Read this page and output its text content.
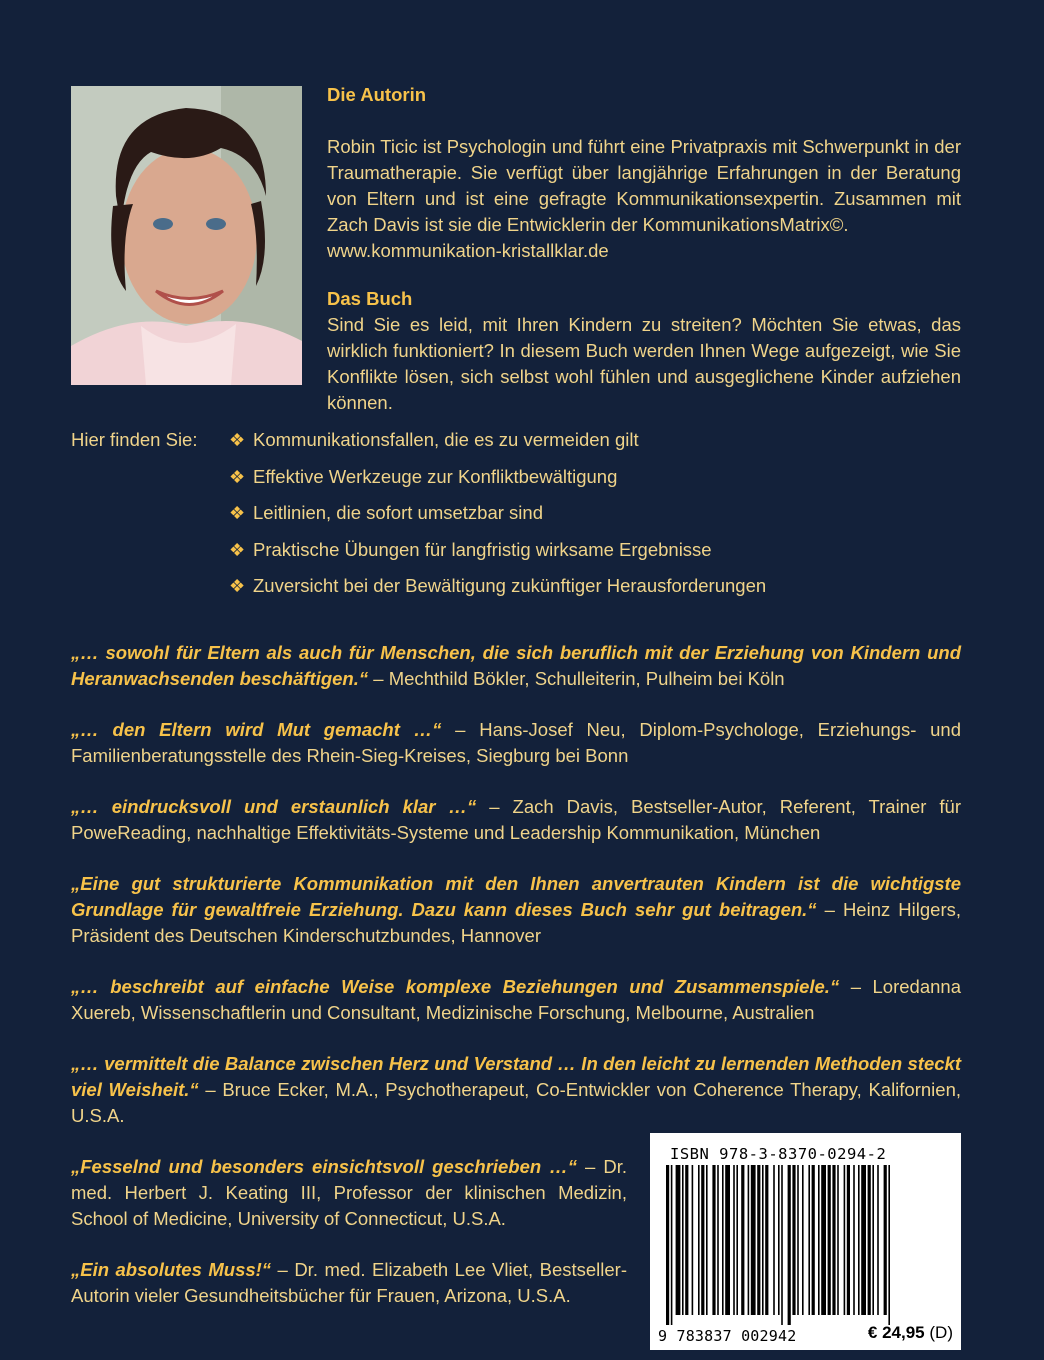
Die Autorin

Robin Ticic ist Psychologin und führt eine Privatpraxis mit Schwerpunkt in der Traumatherapie. Sie verfügt über langjährige Erfahrungen in der Beratung von Eltern und ist eine gefragte Kommunikationsexpertin. Zusammen mit Zach Davis ist sie die Entwicklerin der KommunikationsMatrix©.

www.kommunikation-kristallklar.de

Das Buch

Sind Sie es leid, mit Ihren Kindern zu streiten? Möchten Sie etwas, das wirklich funktioniert? In diesem Buch werden Ihnen Wege aufgezeigt, wie Sie Konflikte lösen, sich selbst wohl fühlen und ausgeglichene Kinder aufziehen können.

Hier finden Sie: ❖ Kommunikationsfallen, die es zu vermeiden gilt
❖ Effektive Werkzeuge zur Konfliktbewältigung
❖ Leitlinien, die sofort umsetzbar sind
❖ Praktische Übungen für langfristig wirksame Ergebnisse
❖ Zuversicht bei der Bewältigung zukünftiger Herausforderungen

„… sowohl für Eltern als auch für Menschen, die sich beruflich mit der Erziehung von Kindern und Heranwachsenden beschäftigen.“ – Mechthild Bökler, Schulleiterin, Pulheim bei Köln

„… den Eltern wird Mut gemacht …“ – Hans-Josef Neu, Diplom-Psychologe, Erziehungs- und Familienberatungsstelle des Rhein-Sieg-Kreises, Siegburg bei Bonn

„… eindrucksvoll und erstaunlich klar …“ – Zach Davis, Bestseller-Autor, Referent, Trainer für PoweReading, nachhaltige Effektivitäts-Systeme und Leadership Kommunikation, München

„Eine gut strukturierte Kommunikation mit den Ihnen anvertrauten Kindern ist die wichtigste Grundlage für gewaltfreie Erziehung. Dazu kann dieses Buch sehr gut beitragen.“ – Heinz Hilgers, Präsident des Deutschen Kinderschutzbundes, Hannover

„… beschreibt auf einfache Weise komplexe Beziehungen und Zusammenspiele.“ – Loredanna Xuereb, Wissenschaftlerin und Consultant, Medizinische Forschung, Melbourne, Australien

„… vermittelt die Balance zwischen Herz und Verstand … In den leicht zu lernenden Methoden steckt viel Weisheit.“ – Bruce Ecker, M.A., Psychotherapeut, Co-Entwickler von Coherence Therapy, Kalifornien, U.S.A.

„Fesselnd und besonders einsichtsvoll geschrieben …“ – Dr. med. Herbert J. Keating III, Professor der klinischen Medizin, School of Medicine, University of Connecticut, U.S.A.

„Ein absolutes Muss!“ – Dr. med. Elizabeth Lee Vliet, Bestseller-Autorin vieler Gesundheitsbücher für Frauen, Arizona, U.S.A.

ISBN 978-3-8370-0294-2
9 783837 002942	€ 24,95 (D)
